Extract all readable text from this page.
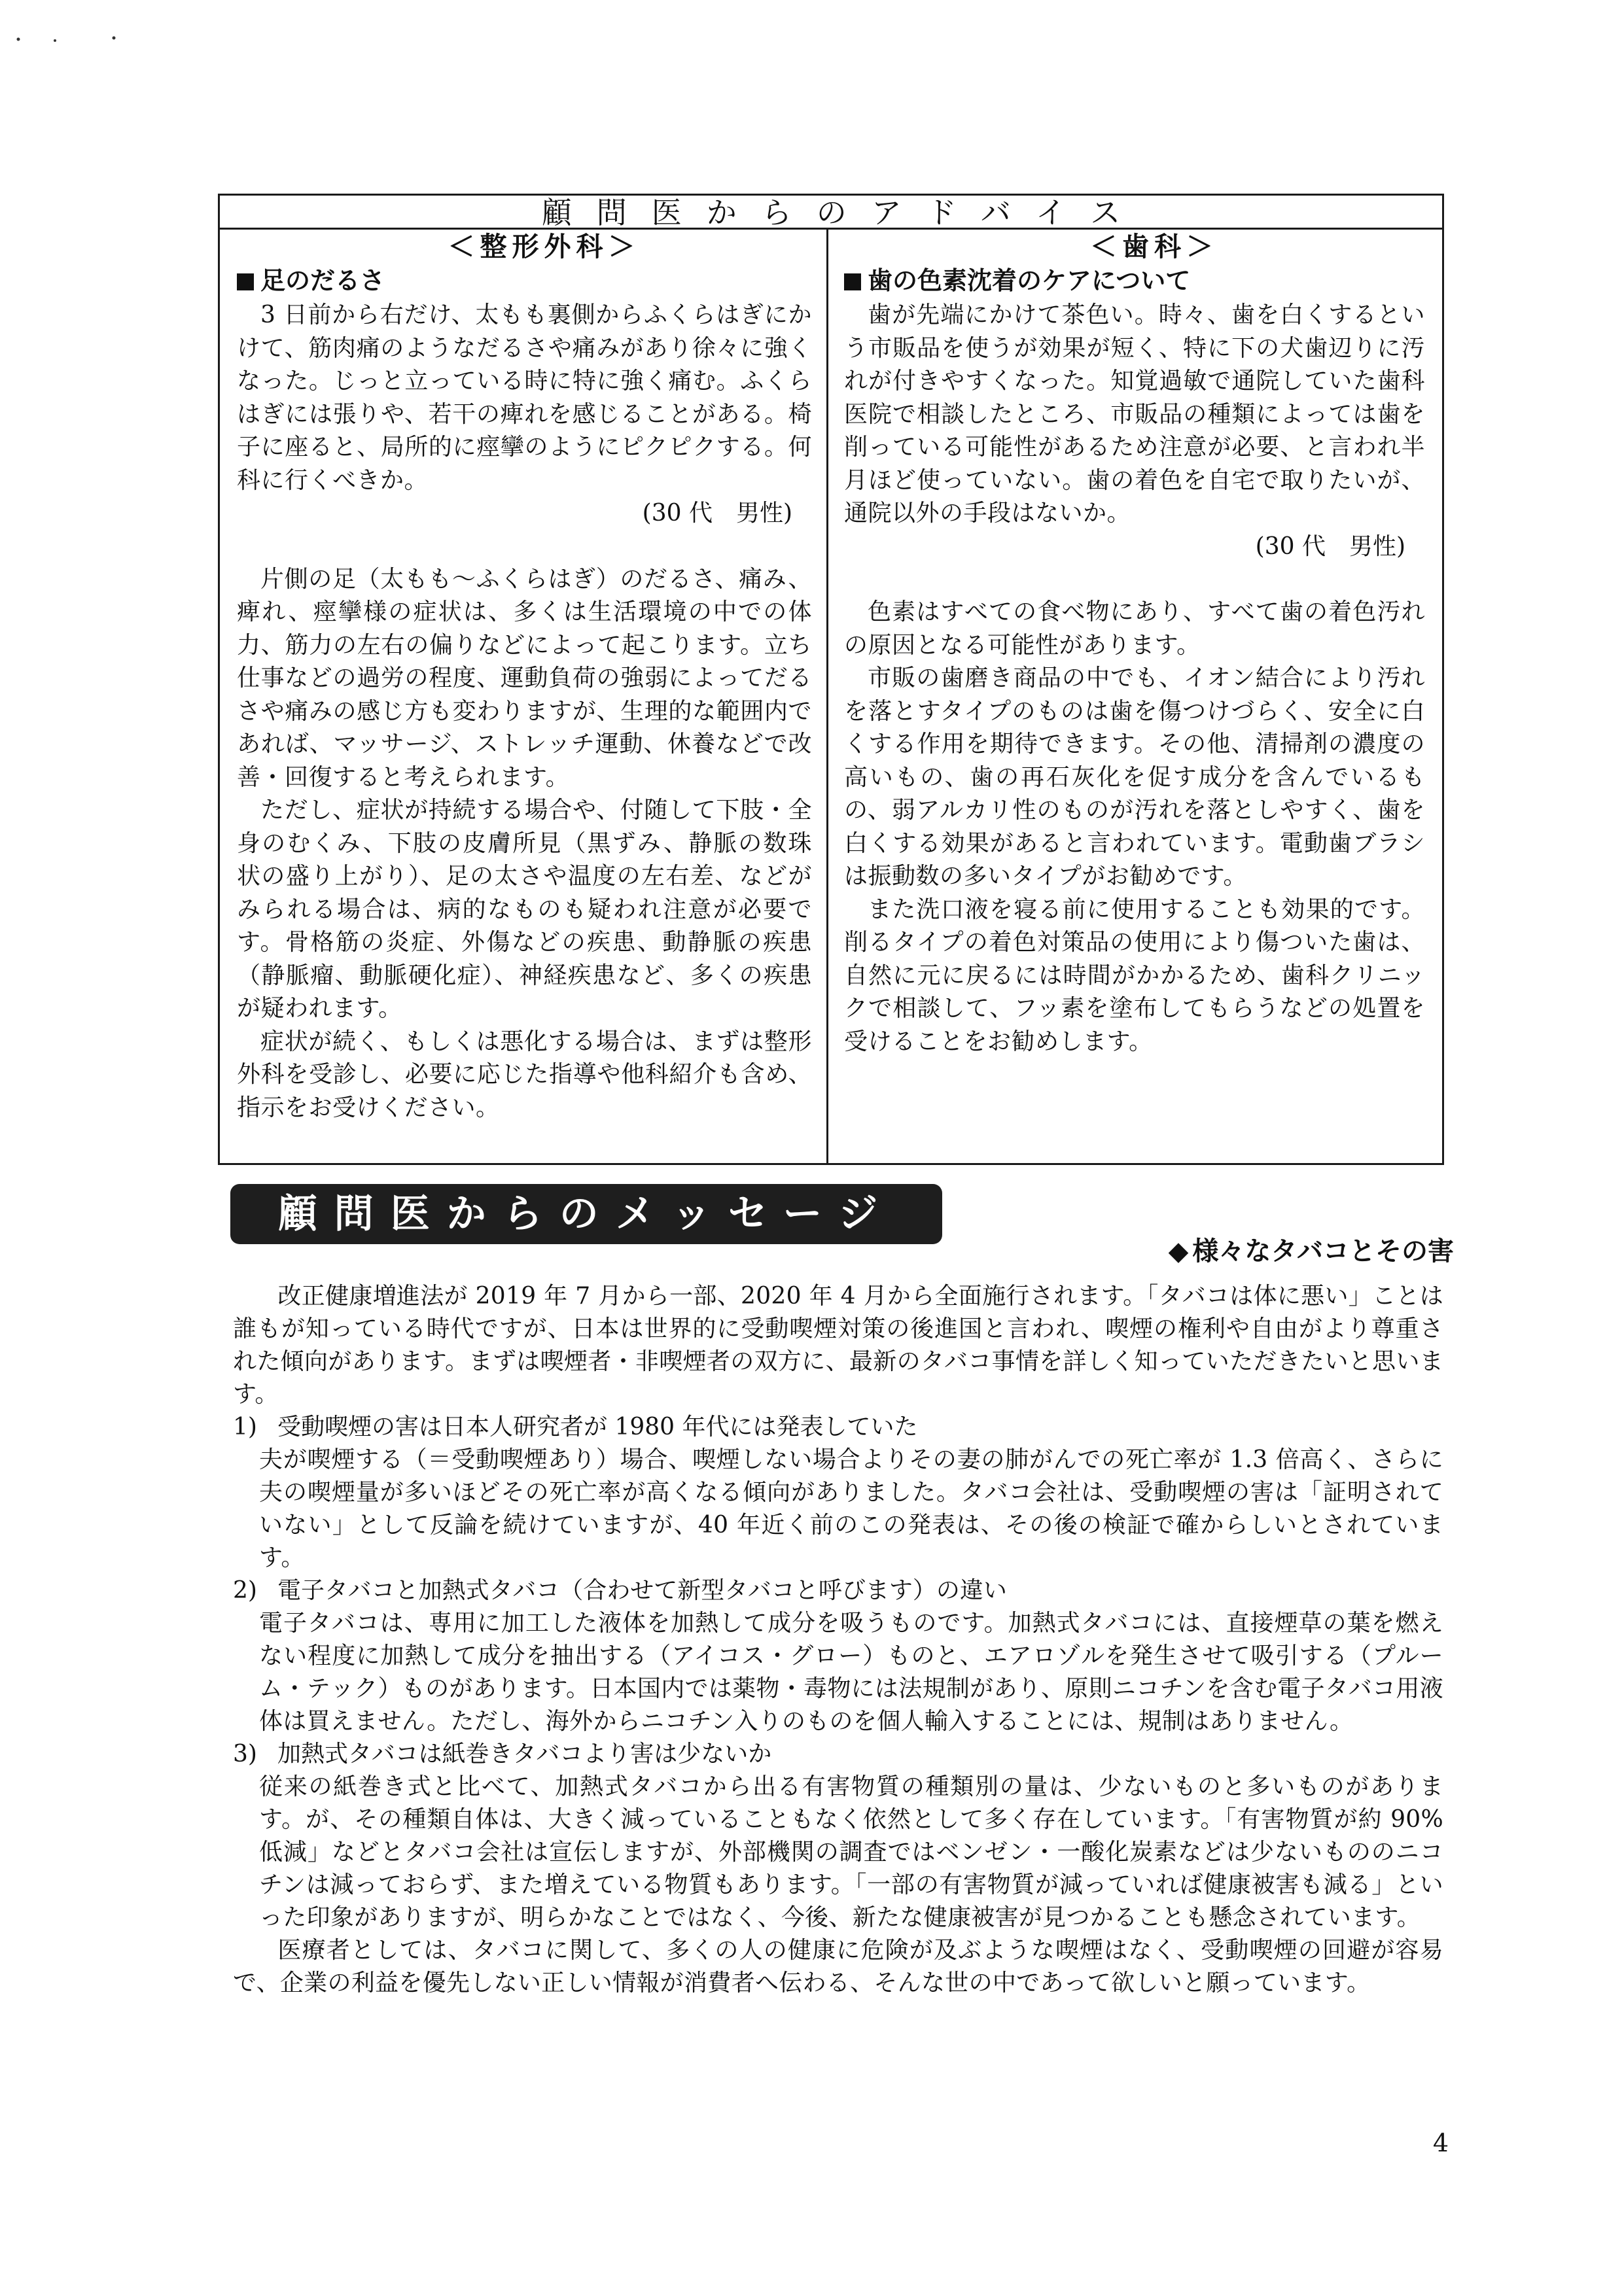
顧問医からのアドバイス
＜整形外科＞
足のだるさ

3 日前から右だけ、太もも裏側からふくらはぎにかけて、筋肉痛のようなだるさや痛みがあり徐々に強くなった。じっと立っている時に特に強く痛む。ふくらはぎには張りや、若干の痺れを感じることがある。椅子に座ると、局所的に痙攣のようにピクピクする。何科に行くべきか。

(30 代　男性)

片側の足（太もも～ふくらはぎ）のだるさ、痛み、痺れ、痙攣様の症状は、多くは生活環境の中での体力、筋力の左右の偏りなどによって起こります。立ち仕事などの過労の程度、運動負荷の強弱によってだるさや痛みの感じ方も変わりますが、生理的な範囲内であれば、マッサージ、ストレッチ運動、休養などで改善・回復すると考えられます。

ただし、症状が持続する場合や、付随して下肢・全身のむくみ、下肢の皮膚所見（黒ずみ、静脈の数珠状の盛り上がり）、足の太さや温度の左右差、などがみられる場合は、病的なものも疑われ注意が必要です。骨格筋の炎症、外傷などの疾患、動静脈の疾患（静脈瘤、動脈硬化症）、神経疾患など、多くの疾患が疑われます。

症状が続く、もしくは悪化する場合は、まずは整形外科を受診し、必要に応じた指導や他科紹介も含め、指示をお受けください。

＜歯科＞
歯の色素沈着のケアについて

歯が先端にかけて茶色い。時々、歯を白くするという市販品を使うが効果が短く、特に下の犬歯辺りに汚れが付きやすくなった。知覚過敏で通院していた歯科医院で相談したところ、市販品の種類によっては歯を削っている可能性があるため注意が必要、と言われ半月ほど使っていない。歯の着色を自宅で取りたいが、通院以外の手段はないか。

(30 代　男性)

色素はすべての食べ物にあり、すべて歯の着色汚れの原因となる可能性があります。

市販の歯磨き商品の中でも、イオン結合により汚れを落とすタイプのものは歯を傷つけづらく、安全に白くする作用を期待できます。その他、清掃剤の濃度の高いもの、歯の再石灰化を促す成分を含んでいるもの、弱アルカリ性のものが汚れを落としやすく、歯を白くする効果があると言われています。電動歯ブラシは振動数の多いタイプがお勧めです。

また洗口液を寝る前に使用することも効果的です。削るタイプの着色対策品の使用により傷ついた歯は、自然に元に戻るには時間がかかるため、歯科クリニックで相談して、フッ素を塗布してもらうなどの処置を受けることをお勧めします。

顧問医からのメッセージ
◆ 様々なタバコとその害

改正健康増進法が 2019 年 7 月から一部、2020 年 4 月から全面施行されます。「タバコは体に悪い」ことは誰もが知っている時代ですが、日本は世界的に受動喫煙対策の後進国と言われ、喫煙の権利や自由がより尊重された傾向があります。まずは喫煙者・非喫煙者の双方に、最新のタバコ事情を詳しく知っていただきたいと思います。

1) 受動喫煙の害は日本人研究者が 1980 年代には発表していた

夫が喫煙する（＝受動喫煙あり）場合、喫煙しない場合よりその妻の肺がんでの死亡率が 1.3 倍高く、さらに夫の喫煙量が多いほどその死亡率が高くなる傾向がありました。タバコ会社は、受動喫煙の害は「証明されていない」として反論を続けていますが、40 年近く前のこの発表は、その後の検証で確からしいとされています。

2) 電子タバコと加熱式タバコ（合わせて新型タバコと呼びます）の違い

電子タバコは、専用に加工した液体を加熱して成分を吸うものです。加熱式タバコには、直接煙草の葉を燃えない程度に加熱して成分を抽出する（アイコス・グロー）ものと、エアロゾルを発生させて吸引する（プルーム・テック）ものがあります。日本国内では薬物・毒物には法規制があり、原則ニコチンを含む電子タバコ用液体は買えません。ただし、海外からニコチン入りのものを個人輸入することには、規制はありません。

3) 加熱式タバコは紙巻きタバコより害は少ないか

従来の紙巻き式と比べて、加熱式タバコから出る有害物質の種類別の量は、少ないものと多いものがあります。が、その種類自体は、大きく減っていることもなく依然として多く存在しています。「有害物質が約 90%低減」などとタバコ会社は宣伝しますが、外部機関の調査ではベンゼン・一酸化炭素などは少ないもののニコチンは減っておらず、また増えている物質もあります。「一部の有害物質が減っていれば健康被害も減る」といった印象がありますが、明らかなことではなく、今後、新たな健康被害が見つかることも懸念されています。

医療者としては、タバコに関して、多くの人の健康に危険が及ぶような喫煙はなく、受動喫煙の回避が容易で、企業の利益を優先しない正しい情報が消費者へ伝わる、そんな世の中であって欲しいと願っています。

4
